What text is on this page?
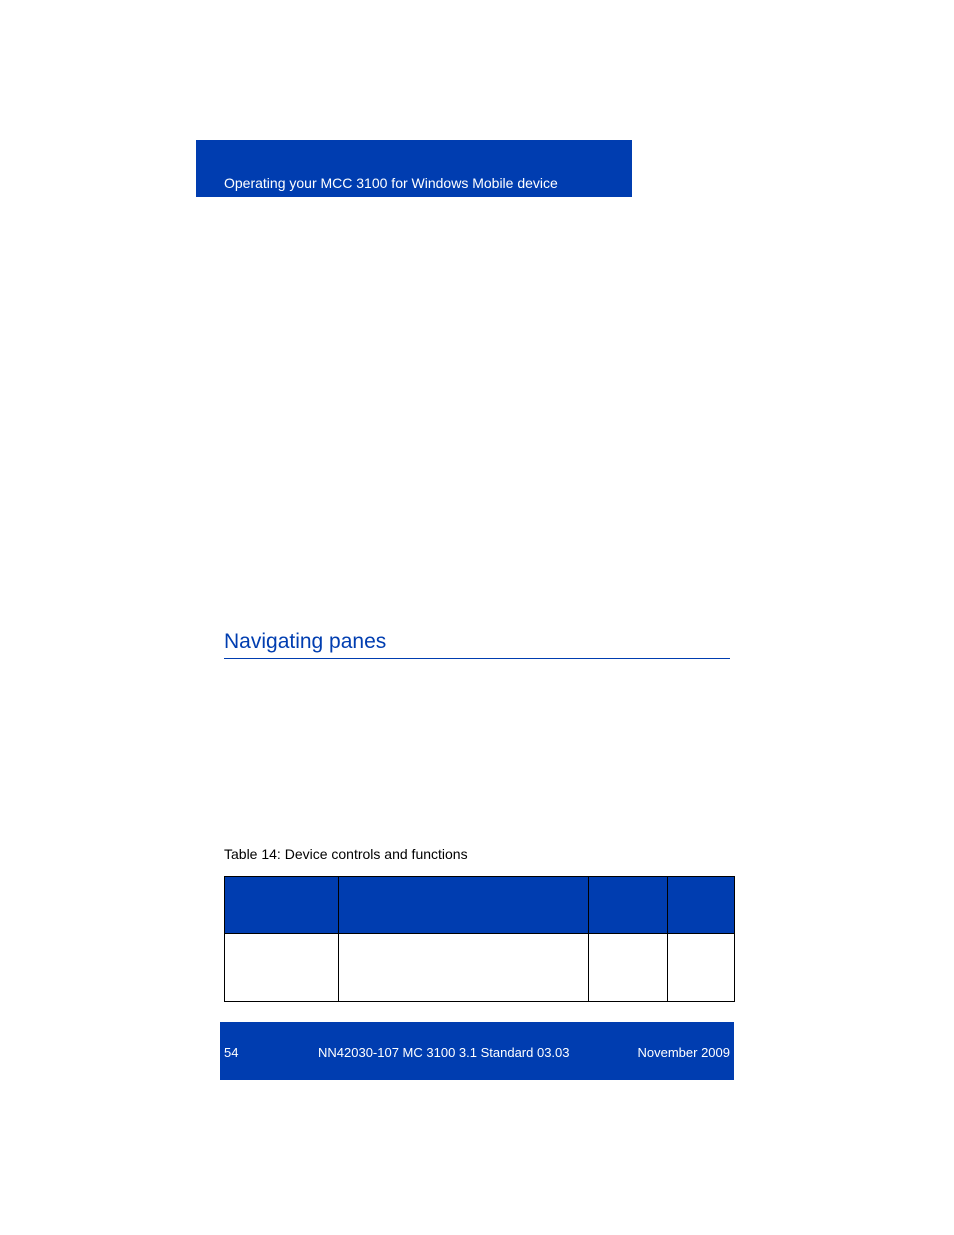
Operating your MCC 3100 for Windows Mobile device
Navigating panes
Table 14: Device controls and functions

54	NN42030-107 MC 3100 3.1 Standard 03.03	November 2009
